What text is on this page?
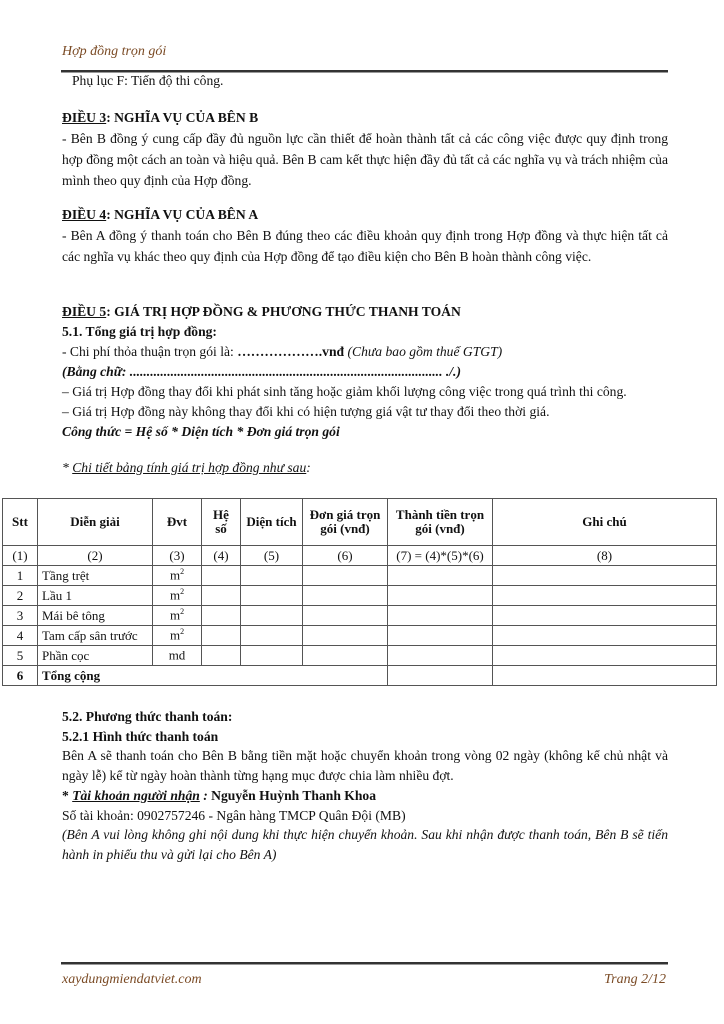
Hợp đồng trọn gói
Phụ lục F: Tiến độ thi công.
ĐIỀU 3: NGHĨA VỤ CỦA BÊN B
- Bên B đồng ý cung cấp đầy đủ nguồn lực cần thiết để hoàn thành tất cả các công việc được quy định trong hợp đồng một cách an toàn và hiệu quả. Bên B cam kết thực hiện đầy đủ tất cả các nghĩa vụ và trách nhiệm của mình theo quy định của Hợp đồng.
ĐIỀU 4: NGHĨA VỤ CỦA BÊN A
- Bên A đồng ý thanh toán cho Bên B đúng theo các điều khoản quy định trong Hợp đồng và thực hiện tất cả các nghĩa vụ khác theo quy định của Hợp đồng để tạo điều kiện cho Bên B hoàn thành công việc.
ĐIỀU 5: GIÁ TRỊ HỢP ĐỒNG & PHƯƠNG THỨC THANH TOÁN
5.1. Tổng giá trị hợp đồng:
- Chi phí thỏa thuận trọn gói là: ……………….vnđ (Chưa bao gồm thuế GTGT)
(Bằng chữ: ............................................................................................ ./.)
– Giá trị Hợp đồng thay đổi khi phát sinh tăng hoặc giảm khối lượng công việc trong quá trình thi công.
– Giá trị Hợp đồng này không thay đổi khi có hiện tượng giá vật tư thay đổi theo thời giá.
Công thức = Hệ số * Diện tích * Đơn giá trọn gói
* Chi tiết bảng tính giá trị hợp đồng như sau:
Stt	Diễn giải	Đvt	Hệ số	Diện tích	Đơn giá trọn gói (vnđ)	Thành tiền trọn gói (vnđ)	Ghi chú
(1)	(2)	(3)	(4)	(5)	(6)	(7) = (4)*(5)*(6)	(8)
1	Tầng trệt	$m^2$					
2	Lầu 1	$m^2$					
3	Mái bê tông	$m^2$					
4	Tam cấp sân trước	$m^2$					
5	Phần cọc	md					
6	Tổng cộng						
5.2. Phương thức thanh toán:
5.2.1 Hình thức thanh toán
Bên A sẽ thanh toán cho Bên B bằng tiền mặt hoặc chuyển khoản trong vòng 02 ngày (không kể chủ nhật và ngày lễ) kể từ ngày hoàn thành từng hạng mục được chia làm nhiều đợt.
* Tài khoản người nhận : Nguyễn Huỳnh Thanh Khoa
Số tài khoản: 0902757246 - Ngân hàng TMCP Quân Đội (MB)
(Bên A vui lòng không ghi nội dung khi thực hiện chuyển khoản. Sau khi nhận được thanh toán, Bên B sẽ tiến hành in phiếu thu và gửi lại cho Bên A)
xaydungmiendatviet.com	Trang 2/12
